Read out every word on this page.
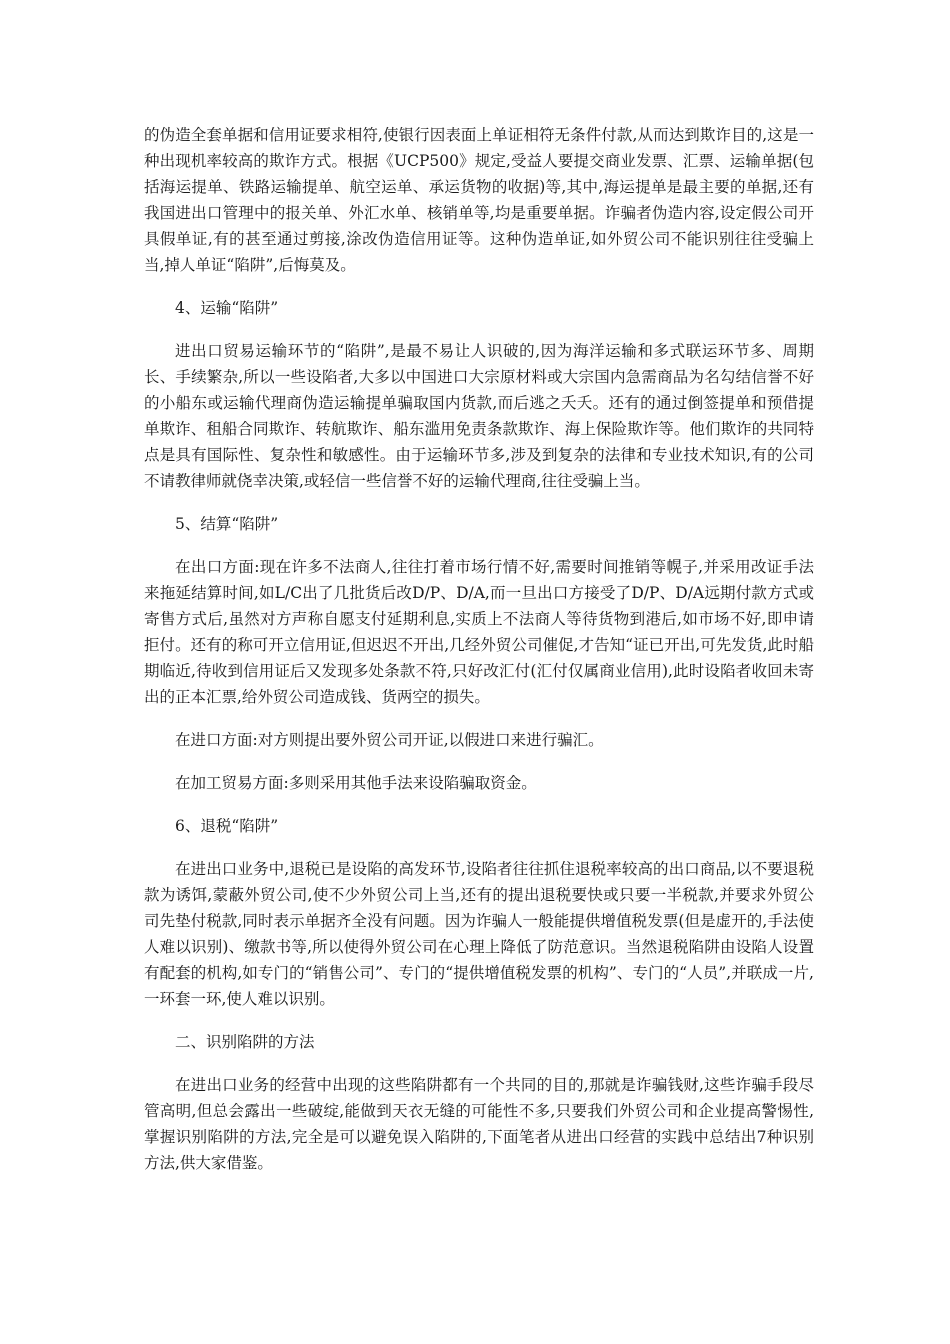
的伪造全套单据和信用证要求相符,使银行因表面上单证相符无条件付款,从而达到欺诈目的,这是一种出现机率较高的欺诈方式。根据《UCP500》规定,受益人要提交商业发票、汇票、运输单据(包括海运提单、铁路运输提单、航空运单、承运货物的收据)等,其中,海运提单是最主要的单据,还有我国进出口管理中的报关单、外汇水单、核销单等,均是重要单据。诈骗者伪造内容,设定假公司开具假单证,有的甚至通过剪接,涂改伪造信用证等。这种伪造单证,如外贸公司不能识别往往受骗上当,掉人单证“陷阱”,后悔莫及。

4、运输“陷阱”

进出口贸易运输环节的“陷阱”,是最不易让人识破的,因为海洋运输和多式联运环节多、周期长、手续繁杂,所以一些设陷者,大多以中国进口大宗原材料或大宗国内急需商品为名勾结信誉不好的小船东或运输代理商伪造运输提单骗取国内货款,而后逃之夭夭。还有的通过倒签提单和预借提单欺诈、租船合同欺诈、转航欺诈、船东滥用免责条款欺诈、海上保险欺诈等。他们欺诈的共同特点是具有国际性、复杂性和敏感性。由于运输环节多,涉及到复杂的法律和专业技术知识,有的公司不请教律师就侥幸决策,或轻信一些信誉不好的运输代理商,往往受骗上当。

5、结算“陷阱”

在出口方面:现在许多不法商人,往往打着市场行情不好,需要时间推销等幌子,并采用改证手法来拖延结算时间,如L/C出了几批货后改D/P、D/A,而一旦出口方接受了D/P、D/A远期付款方式或寄售方式后,虽然对方声称自愿支付延期利息,实质上不法商人等待货物到港后,如市场不好,即申请拒付。还有的称可开立信用证,但迟迟不开出,几经外贸公司催促,才告知“证已开出,可先发货,此时船期临近,待收到信用证后又发现多处条款不符,只好改汇付(汇付仅属商业信用),此时设陷者收回未寄出的正本汇票,给外贸公司造成钱、货两空的损失。

在进口方面:对方则提出要外贸公司开证,以假进口来进行骗汇。

在加工贸易方面:多则采用其他手法来设陷骗取资金。

6、退税“陷阱”

在进出口业务中,退税已是设陷的高发环节,设陷者往往抓住退税率较高的出口商品,以不要退税款为诱饵,蒙蔽外贸公司,使不少外贸公司上当,还有的提出退税要快或只要一半税款,并要求外贸公司先垫付税款,同时表示单据齐全没有问题。因为诈骗人一般能提供增值税发票(但是虚开的,手法使人难以识别)、缴款书等,所以使得外贸公司在心理上降低了防范意识。当然退税陷阱由设陷人设置有配套的机构,如专门的“销售公司”、专门的“提供增值税发票的机构”、专门的“人员”,并联成一片,一环套一环,使人难以识别。

二、识别陷阱的方法

在进出口业务的经营中出现的这些陷阱都有一个共同的目的,那就是诈骗钱财,这些诈骗手段尽管高明,但总会露出一些破绽,能做到天衣无缝的可能性不多,只要我们外贸公司和企业提高警惕性,掌握识别陷阱的方法,完全是可以避免误入陷阱的,下面笔者从进出口经营的实践中总结出7种识别方法,供大家借鉴。
